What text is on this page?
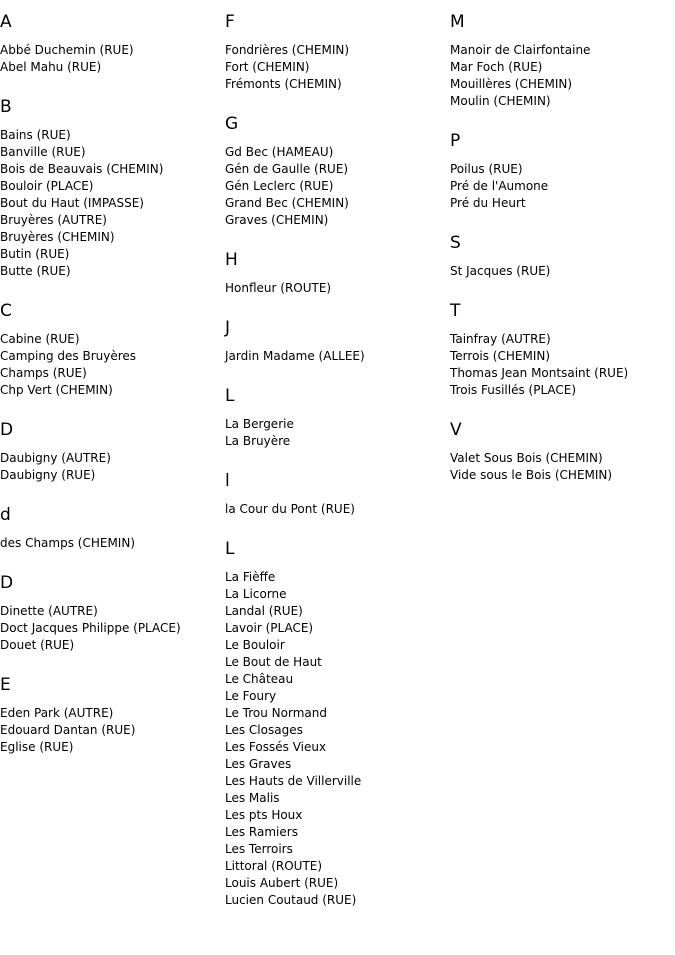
A
Abbé Duchemin (RUE)
Abel Mahu (RUE)
B
Bains (RUE)
Banville (RUE)
Bois de Beauvais (CHEMIN)
Bouloir (PLACE)
Bout du Haut (IMPASSE)
Bruyères (AUTRE)
Bruyères (CHEMIN)
Butin (RUE)
Butte (RUE)
C
Cabine (RUE)
Camping des Bruyères
Champs (RUE)
Chp Vert (CHEMIN)
D
Daubigny (AUTRE)
Daubigny (RUE)
d
des Champs (CHEMIN)
D
Dinette (AUTRE)
Doct Jacques Philippe (PLACE)
Douet (RUE)
E
Eden Park (AUTRE)
Edouard Dantan (RUE)
Eglise (RUE)
F
Fondrières (CHEMIN)
Fort (CHEMIN)
Frémonts (CHEMIN)
G
Gd Bec (HAMEAU)
Gén de Gaulle (RUE)
Gén Leclerc (RUE)
Grand Bec (CHEMIN)
Graves (CHEMIN)
H
Honfleur (ROUTE)
J
Jardin Madame (ALLEE)
L
La Bergerie
La Bruyère
l
la Cour du Pont (RUE)
L
La Fièffe
La Licorne
Landal (RUE)
Lavoir (PLACE)
Le Bouloir
Le Bout de Haut
Le Château
Le Foury
Le Trou Normand
Les Closages
Les Fossés Vieux
Les Graves
Les Hauts de Villerville
Les Malis
Les pts Houx
Les Ramiers
Les Terroirs
Littoral (ROUTE)
Louis Aubert (RUE)
Lucien Coutaud (RUE)
M
Manoir de Clairfontaine
Mar Foch (RUE)
Mouillères (CHEMIN)
Moulin (CHEMIN)
P
Poilus (RUE)
Pré de l'Aumone
Pré du Heurt
S
St Jacques (RUE)
T
Tainfray (AUTRE)
Terrois (CHEMIN)
Thomas Jean Montsaint (RUE)
Trois Fusillés (PLACE)
V
Valet Sous Bois (CHEMIN)
Vide sous le Bois (CHEMIN)
